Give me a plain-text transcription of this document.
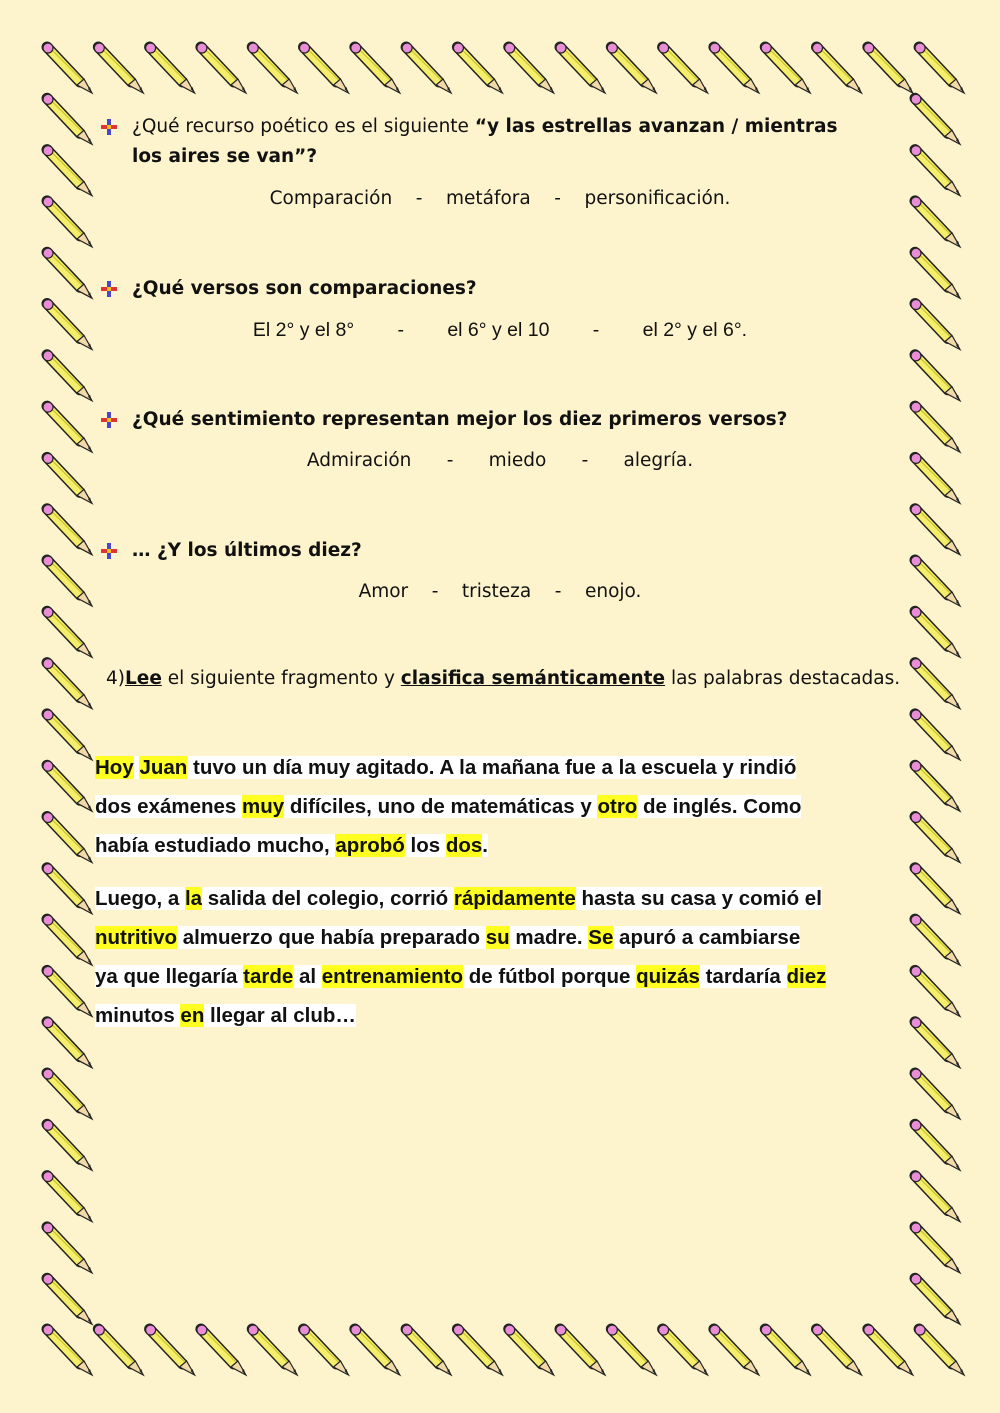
¿Qué recurso poético es el siguiente “y las estrellas avanzan / mientras los aires se van”?
Comparación    -    metáfora    -    personificación.
¿Qué versos son comparaciones?
El 2° y el 8°        -        el 6° y el 10        -        el 2° y el 6°.
¿Qué sentimiento representan mejor los diez primeros versos?
Admiración      -      miedo      -      alegría.
… ¿Y los últimos diez?
Amor    -    tristeza    -    enojo.
4)Lee el siguiente fragmento y clasifica semánticamente las palabras destacadas.
Hoy Juan tuvo un día muy agitado. A la mañana fue a la escuela y rindió
dos exámenes muy difíciles, uno de matemáticas y otro de inglés. Como
había estudiado mucho, aprobó los dos.
Luego, a la salida del colegio, corrió rápidamente hasta su casa y comió el
nutritivo almuerzo que había preparado su madre. Se apuró a cambiarse
ya que llegaría tarde al entrenamiento de fútbol porque quizás tardaría diez
minutos en llegar al club…
